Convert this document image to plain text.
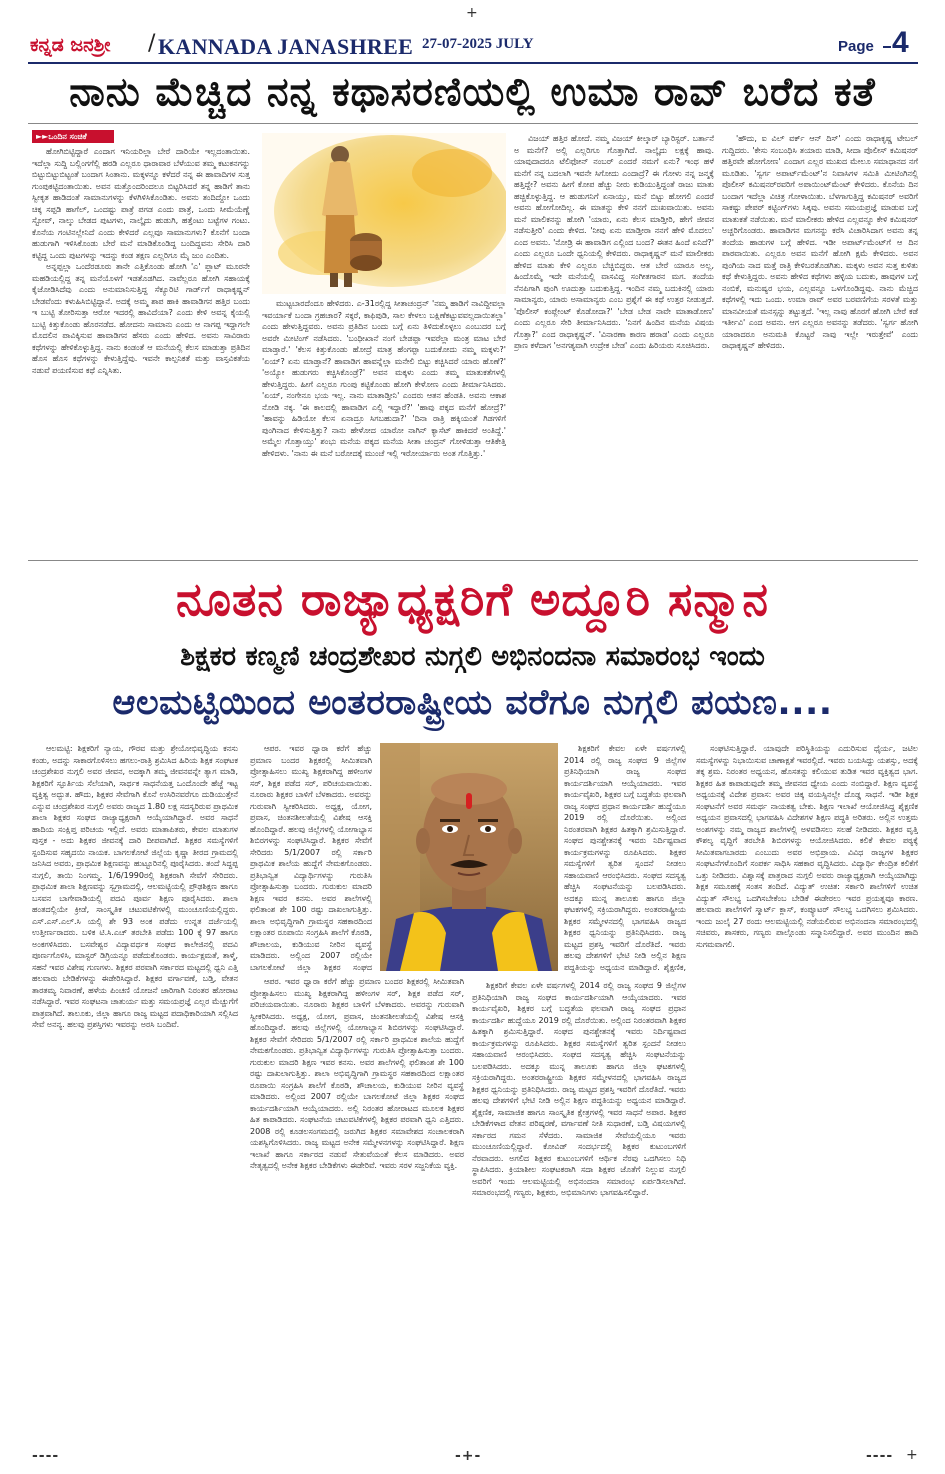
+
ಕನ್ನಡ ಜನಶ್ರೀ / KANNADA JANASHREE 27-07-2025 JULY	Page 4
ನಾನು ಮೆಚ್ಚಿದ ನನ್ನ ಕಥಾಸರಣಿಯಲ್ಲಿ ಉಮಾ ರಾವ್ ಬರೆದ ಕತೆ
►►ಒಂದಿನ ಸಂಚಿಕೆ

ಹೋಗಿಬಿಟ್ಟಿದ್ದಾರೆ ಎಂದಾಗ ಇನಿಯರಿಲ್ಲಾ ಬೇರೆ ದಾರಿಯೇ ಇಲ್ಲದಂತಾಯಿತು. ಇದೆಲ್ಲಾ ಸುದ್ದಿ ಬಲ್ಲಿಂಗಗೆಲ್ಲಿ ಹರಡಿ ಎಲ್ಲರೂ ಧಾರಾವಾರ ಬೆಳೆಯುವ ತಮ್ಮ ಕಟುಕನಗನ್ನು ಬಿಟ್ಟುಬಿಟ್ಟುಬಿಟ್ಟಂತೆ ಬಂದಾಗ ಸಿಂತಾನು. ಮಕ್ಕಳನ್ನೂ ಕಳೆದರೆ ನನ್ನ ಈ ಹಾವಾದಿಗಳ ಸುತ್ತ ಗುಂಪುಕಟ್ಟಿದಂತಾಯಿತು. ಅವನ ಮತ್ತೊಂದರಿಂದಲೂ ಬಿಟ್ಟರಿಸಿದರೆ ತನ್ನ ಹಾಡಿಗೆ ತಾನು ಸ್ವೀಕೃತ ಹಾಡಿದಂತೆ ಸಾಮಾನುಗಳನ್ನು ಕೆಳಗಿಳಿಸಿಕೊಂಡಿತು. ಅವನು ತಂದಿದ್ದೋ ಒಂದು ಚಿಕ್ಕ ಸಪ್ಪಡಿ ಹಾಗೆಲ್, ಒಂದಷ್ಟು ಪಾತ್ರೆ ಪಗಡ ಎಂದು ಪಾತ್ರೆ, ಒಂದು ಸೀಮೆಯೆಣ್ಣೆ ಸ್ಟೋವ್, ನಾಲ್ಕು ಬೇಡದ ಪುಟಗಳು, ನಾಲ್ಕೈದು ಹುಡುಗಿ, ಹತ್ತೆಂಟು ಬಟ್ಟೆಗಳ ಗಂಟು. ಕೊನೆಯ ಗಂಟಿನಲ್ಲೇನಿದೆ ಎಂದು ಕೇಳಿದರೆ ಎಲ್ಲವೂ ಸಾಮಾನುಗಳು? ಕೊನೆಗೆ ಬಂದಾ ಹುಡುಗಾಗಿ ಇಳಿಸಿಕೊಂಡು ಬೇರೆ ಮನೆ ಮಾಡಿಕೊಂಡಿದ್ದ ಬಂದಿದ್ದವನು ಸೇರಿಸಿ ದಾರಿ ಕಟ್ಟಿದ್ದ ಒಂದು ಪುಟಗಳನ್ನು ಇದನ್ನು ಕಂಡ ತಕ್ಷಣ ಎಲ್ಲರಿಗೂ ಮೈ ಜುಂ ಎಂದಿತು.

ಅನ್ನಪ್ಪಲ್ಲಾ ಒಂದೆರಡೂರು ತಾನೇ ಎತ್ತಿಕೊಂಡು ಹೋಗಿ 'ಎ' ಪ್ಲಾಟ್ ಮೂರನೇ ಮಹಡಿಯಲ್ಲಿದ್ದ ತನ್ನ ಮನೆಯೊಳಗೆ ಇಡತೊಡಗಿದ. ನಾವೆಲ್ಲರೂ ಹೋಗಿ ಸಹಾಯಕ್ಕೆ ಕೈಜೋಡಿಸಿದೆವು ಎಂದು ಅನುಮಾನಿಸುತ್ತಿದ್ದ ಸೆಕ್ಯೂರಿಟಿ ಗಾರ್ಡ್‌ಗೆ ರಾಧಾಕೃಷ್ಣನ್ ಬೇಡವೆಂದು ಕಳುಹಿಸಿಬಿಟ್ಟಿದ್ದಾನೆ. ಅದಕ್ಕೆ ಅಮ್ಮ ಶಾಪ ಹಾಕಿ ಹಾವಾಡಿಗನ ಹತ್ತಿರ ಬಂದು ಇ ಬುಟ್ಟಿ ತೋರಿಸುತ್ತಾ ಆರೋ ಇದರಲ್ಲಿ ಹಾವಿದೆಯಾ? ಎಂದು ಕೇಳಿ ಅವನ್ನ ಕೈಯಲ್ಲಿ ಬುಟ್ಟಿ ಕಿತ್ತುಕೊಂಡು ಹೊರನಡೆದ. ಹೋದನು ಸಾಮಾನು ಎಂದು ಆ ನಾಗಪ್ಪ ಇದ್ದಾಗಲೇ ಮೊದಲಿನ ಪಾವಿಕ್ಕಿಸುವ ಹಾವಾಡಿಗನ ಹೆಸರು ಎಂದು ಹೇಳಿದ. ಅವನು ಸಾವಿರಾರು ಕಥೆಗಳನ್ನು ಹೇಳಿಕೊಳ್ಳುತ್ತಿದ್ದ. ನಾನು ಕಂಡಂತೆ ಆ ಮನೆಯಲ್ಲಿ ಕೆಲಸ ಮಾಡುತ್ತಾ ಪ್ರತಿದಿನ ಹೊಸ ಹೊಸ ಕಥೆಗಳನ್ನು ಕೇಳುತ್ತಿದ್ದೆವು. ಇವನೇ ಕಾಲ್ಪನಿಕತೆ ಮತ್ತು ವಾಸ್ತವಿಕತೆಯ ನಡುವೆ ಪಯಣಿಸುವ ಕಥೆ ಎನ್ನಿಸಿತು.

ಮುಟ್ಟಬಾರದೆಂದೂ ಹೇಳಿದರು. ಎ-31ರಲ್ಲಿದ್ದ ಸೀತಾಚಂದ್ರನ್ 'ನಮ್ಮ ಹಾಡಿಗೆ ನಾವಿದ್ದೀವಲ್ಲಾ ಇವರ್ಯಾಕೆ ಬಂದಾ ಗ್ರಹಚಾರ? ಸಕ್ಕರೆ, ಕಾಫಿಪುಡಿ, ಸಾಲ ಕೇಳಲು ಬಕ್ಷಿಣೆಕಟ್ಟುವವಲ್ಲದಾಯಿತಲ್ಲಾ' ಎಂದು ಹೇಳುತ್ತಿದ್ದವರು. ಅವನು ಪ್ರತಿದಿನ ಬಂದು ಬಗ್ಗೆ ಏನು ತಿಳಿದುಕೊಳ್ಳಲು ಎಂಬುದರ ಬಗ್ಗೆ ಅವರೇ ಮೀಟಿಂಗ್ ನಡೆಸಿದರು. 'ಬಂಧೀಖಾನೆ ನಂಗೆ ಬೇಡಪ್ಪಾ ಇವರೆಲ್ಲಾ ಮಂತ್ರ ಮಾಟ ಬೇರೆ ಮಾಡ್ತಾರೆ.' 'ಕೆಲಸ ಕಿತ್ತುಕೊಂಡು ಹೋದ್ರೆ ಮಾತ್ರ ಹೆಂಗಪ್ಪಾ ಬದುಕೋದು ನಮ್ಮ ಮಕ್ಕಳು?' 'ಏಯ್? ಏನು ಮಾಡ್ತಾನೆ? ಹಾವಾಡಿಗ ಹಾವನ್ನೆಲ್ಲಾ ಮನೇಲಿ ಬಿಟ್ಟು ಕಚ್ಚಿಸಿದರೆ ಯಾರು ಹೊಣೆ?' 'ಅಯ್ಯೋ ಹುಡುಗರು ಕಚ್ಚಿಸಿಕೊಂಡ್ರೆ?' ಅವನ ಮಕ್ಕಳು ಎಂದು ತಮ್ಮ ಮಾತುಕತೆಗಳಲ್ಲಿ ಹೇಳುತ್ತಿದ್ದರು. ಹೀಗೆ ಎಲ್ಲರೂ ಗುಂಪು ಕಟ್ಟಿಕೊಂಡು ಹೋಗಿ ಕೇಳೋಣ ಎಂದು ತೀರ್ಮಾನಿಸಿದರು. 'ಏಯ್, ನಂಗೇನೂ ಭಯ ಇಲ್ಲ. ನಾನು ಮಾತಾಡ್ತೀನಿ' ಎಂದರು ಆತನ ಹೆಂಡತಿ. ಅವನು ಆಕಾಶ ನೋಡಿ ನಕ್ಕ. 'ಈ ಕಾಲದಲ್ಲಿ ಹಾವಾಡಿಗ ಎಲ್ಲಿ ಇದ್ದಾರೆ?' 'ಹಾವು ಪಕ್ಕದ ಮನೆಗೆ ಹೋದ್ರೆ?' 'ಹಾವನ್ನು ಹಿಡಿಯೋ ಕೆಲಸ ಏನಾದ್ರೂ ಸಿಗಬಹುದಾ?' 'ದಿನಾ ರಾತ್ರಿ ಹಕ್ಕಿಯಂತೆ ಗಿಡಗಳಿಗೆ ಪುಂಗಿನಾದ ಕೇಳಿಸುತ್ತಿತ್ತು? ನಾನು ಹೇಳೋದ ಯಾರೋ ನಾಗಿನ್ ಕ್ಯಾಸೆಟ್ ಹಾಕಿದರೆ ಅಂತಿದ್ದೆ.' ಅಮ್ಮೆಲ ಗೊತ್ತಾಯ್ತು' ಶಂಭು ಮನೆಯ ಪಕ್ಕದ ಮನೆಯ ಸೀತಾ ಚಂದ್ರನ್ ಗೋಳಿಡುತ್ತಾ ಆತಿಕೇತ್ತಿ ಹೇಳಿದಳು. 'ನಾನು ಈ ಮನೆ ಬರೋದಕ್ಕೆ ಮುಂಚೆ ಇಲ್ಲಿ ಇರೋರ್ಯಾರು ಅಂತ ಗೊತ್ತಿತ್ತು.'

ವಿಜಯ್ ಹತ್ತಿರ ಹೋದೆ. ನಮ್ಮ ವಿಜಯ್ ಕೀಲ್ಕಾರ್ ಬ್ಯಾರಿಸ್ಟರ್. ಬರ್ತಾನೆ ಅ ಮನೆಗೆ? ಅಲ್ಲಿ ಎಲ್ಲರಿಗೂ ಗೊತ್ತಾಗಿದೆ. ನಾಲ್ಕೈದು ಲಕ್ಷಕ್ಕೆ ಹಾವು. ಯಾವುದಾದರೂ ಟೆಲಿಫೋನ್ ನಂಬರ್ ಎಂದರೆ ನಮಗೆ ಏನು? ಇಂಥ ಹಳೆ ಮನೆಗೆ ನನ್ನ ಬದಲಾಗಿ ಇವನೇ ಸಿಗೋದು ಎಂದಾದ್ರೆ? ಈ ಗೋಳು ನನ್ನ ಜನ್ಮಕ್ಕೆ ಹತ್ತಿದ್ದೇ? ಅವನು ಹೀಗೆ ಕೋಪ ಹೆಚ್ಚು ನೀರು ಕುಡಿಯುತ್ತಿದ್ದಂತೆ ರಾಜು ಮಾತು ಹಚ್ಚಿಕೊಳ್ಳುತ್ತಿದ್ದ. ಆ ಹುಡುಗನಿಗೆ ಏನಾಯ್ತು, ಮನೆ ಬಿಟ್ಟು ಹೋಗಲಿ ಎಂದರೆ ಅವನು ಹೋಗೋದಿಲ್ಲ. ಈ ಮಾತನ್ನು ಕೇಳಿ ನನಗೆ ದುಃಖವಾಯಿತು. ಅವನು ಮನೆ ಮಾಲಿಕನನ್ನು ಹೋಗಿ 'ಯಾರು, ಏನು ಕೆಲಸ ಮಾಡ್ತೀರಿ, ಹೇಗೆ ಜೀವನ ನಡೆಸುತ್ತೀರಿ' ಎಂದು ಕೇಳಿದ. 'ನೀವು ಏನು ಮಾಡ್ತೀರಾ ನನಗೆ ಹೇಳಿ ಮೊದಲು' ಎಂದ ಅವನು. 'ನೋಡ್ರಿ ಈ ಹಾವಾಡಿಗ ಎಲ್ಲಿಂದ ಬಂದ? ಈತನ ಹಿಂದೆ ಏನಿದೆ?' ಎಂದು ಎಲ್ಲರೂ ಒಂದೇ ಧ್ವನಿಯಲ್ಲಿ ಕೇಳಿದರು. ರಾಧಾಕೃಷ್ಣನ್ ಮನೆ ಮಾಲೀಕರು ಹೇಳಿದ ಮಾತು ಕೇಳಿ ಎಲ್ಲರೂ ಬೆಚ್ಚಿಬಿದ್ದರು. ಆತ ಬೇರೆ ಯಾರೂ ಅಲ್ಲ, ಹಿಂದೊಮ್ಮೆ ಇದೇ ಮನೆಯಲ್ಲಿ ವಾಸವಿದ್ದ ಸಂಗೀತಗಾರನ ಮಗ. ತಂದೆಯ ನೆನಪಿಗಾಗಿ ಪುಂಗಿ ಊದುತ್ತಾ ಬದುಕುತ್ತಿದ್ದ. ಇಂದಿನ ನಮ್ಮ ಬದುಕಿನಲ್ಲಿ ಯಾರು ಸಾಮಾನ್ಯರು, ಯಾರು ಅಸಾಮಾನ್ಯರು ಎಂಬ ಪ್ರಶ್ನೆಗೆ ಈ ಕಥೆ ಉತ್ತರ ನೀಡುತ್ತದೆ. 'ಪೊಲೀಸ್ ಕಂಪ್ಲೇಂಟ್ ಕೊಡೋದಾ?' 'ಬೇಡ ಬೇಡ ನಾವೇ ಮಾತಾಡೋಣ' ಎಂದು ಎಲ್ಲರೂ ಸೇರಿ ತೀರ್ಮಾನಿಸಿದರು. 'ನಿನಗೆ ಹಿಂದಿನ ಮನೆಯ ವಿಷಯ ಗೊತ್ತಾ?' ಎಂದ ರಾಧಾಕೃಷ್ಣನ್. 'ವಿನಾರಣಾ ಕಾರಣ ಹರಾಡ' ಎಂದು ಎಲ್ಲರೂ ಪ್ರಾಣ ಕಳೆದಾಗ 'ಅನಗತ್ಯವಾಗಿ ಉದ್ರೇಕ ಬೇಡ' ಎಂದು ಹಿರಿಯರು ಸೂಚಿಸಿದರು.

'ಹೌದು, ಐ ವಿಲ್ ವರ್ಕ್ ಆನ್ ದಿಸ್' ಎಂದು ರಾಧಾಕೃಷ್ಣ ಟೇಬಲ್ ಗುದ್ದಿದರು. 'ಕೇಸು ಸಂಬಂಧಿಸಿ ತಯಾರು ಮಾಡಿ, ಸೀದಾ ಪೊಲೀಸ್ ಕಮಿಷನರ್ ಹತ್ತಿರವೇ ಹೋಗೋಣ' ಎಂದಾಗ ಎಲ್ಲರ ಮುಖದ ಮೇಲೂ ಸಮಾಧಾನದ ನಗೆ ಮೂಡಿತು. 'ಸ್ವರ್ಗ ಅಪಾರ್ಟ್‌ಮೆಂಟ್'ನ ನಿವಾಸಿಗಳ ಸಮಿತಿ ಮೀಟಿಂಗಿನಲ್ಲಿ ಪೊಲೀಸ್ ಕಮಿಷನರ್‌ರವರಿಗೆ ಅಪಾಯಿಂಟ್‌ಮೆಂಟ್ ಕೇಳಿದರು. ಕೊನೆಯ ದಿನ ಬಂದಾಗ ಇದೆಲ್ಲಾ ವಿಚಿತ್ರ ಗೋಳಾಯಿತು. ಬೆಳಗಾಗುತ್ತಿದ್ದ ಕಮಿಷನರ್ ಅವರಿಗೆ ಸಾಕಷ್ಟು ಪೇಪರ್ ಕಟ್ಟಿಂಗ್‌ಗಳು ಸಿಕ್ಕವು. ಅವನು ಸಮಯಪ್ರಜ್ಞೆ ಮಾಡುವ ಬಗ್ಗೆ ಮಾತುಕತೆ ನಡೆಯಿತು. ಮನೆ ಮಾಲೀಕರು ಹೇಳಿದ ಎಲ್ಲವನ್ನೂ ಕೇಳಿ ಕಮಿಷನರ್ ಅಚ್ಚರಿಗೊಂಡರು. ಹಾವಾಡಿಗನ ಮಗನನ್ನು ಕರೆಸಿ ವಿಚಾರಿಸಿದಾಗ ಅವನು ತನ್ನ ತಂದೆಯ ಹಾಡುಗಳ ಬಗ್ಗೆ ಹೇಳಿದ. ಇಡೀ ಅಪಾರ್ಟ್‌ಮೆಂಟ್‌ಗೆ ಆ ದಿನ ಪಾಠವಾಯಿತು. ಎಲ್ಲರೂ ಅವನ ಮನೆಗೆ ಹೋಗಿ ಕ್ಷಮೆ ಕೇಳಿದರು. ಅವನ ಪುಂಗಿಯ ನಾದ ಮತ್ತೆ ರಾತ್ರಿ ಕೇಳಿಬರತೊಡಗಿತು. ಮಕ್ಕಳು ಅವನ ಸುತ್ತ ಕುಳಿತು ಕಥೆ ಕೇಳುತ್ತಿದ್ದರು. ಅವನು ಹೇಳಿದ ಕಥೆಗಳು ಹಳ್ಳಿಯ ಬದುಕು, ಹಾವುಗಳ ಬಗ್ಗೆ ನಂಬಿಕೆ, ಮನುಷ್ಯರ ಭಯ, ಎಲ್ಲವನ್ನೂ ಒಳಗೊಂಡಿದ್ದವು. ನಾನು ಮೆಚ್ಚಿದ ಕಥೆಗಳಲ್ಲಿ ಇದು ಒಂದು. ಉಮಾ ರಾವ್ ಅವರ ಬರವಣಿಗೆಯ ಸರಳತೆ ಮತ್ತು ಮಾನವೀಯತೆ ಮನಸ್ಸನ್ನು ತಟ್ಟುತ್ತದೆ. 'ಇಲ್ಲ ನಾವು ಹೊರಗೆ ಹೋಗಿ ಬೇರೆ ಕಡೆ ಇರ್ತೀವಿ' ಎಂದ ಅವನು. ಆಗ ಎಲ್ಲರೂ ಅವನನ್ನು ತಡೆದರು. 'ಸ್ವರ್ಗ ಹೋಗಿ ಯಾರಾದರೂ ಅನುಮತಿ ಕೊಟ್ಟರೆ ನಾವು ಇಲ್ಲೇ ಇರುತ್ತೇವೆ' ಎಂದು ರಾಧಾಕೃಷ್ಣನ್ ಹೇಳಿದರು.

ನೂತನ ರಾಜ್ಯಾಧ್ಯಕ್ಷರಿಗೆ ಅದ್ದೂರಿ ಸನ್ಮಾನ
ಶಿಕ್ಷಕರ ಕಣ್ಮಣಿ ಚಂದ್ರಶೇಖರ ನುಗ್ಗಲಿ ಅಭಿನಂದನಾ ಸಮಾರಂಭ ಇಂದು
ಆಲಮಟ್ಟಿಯಿಂದ ಅಂತರರಾಷ್ಟ್ರೀಯ ವರೆಗೂ ನುಗ್ಗಲಿ ಪಯಣ....

ಆಲಮಟ್ಟಿ: ಶಿಕ್ಷಕರಿಗೆ ನ್ಯಾಯ, ಗೌರವ ಮತ್ತು ಶ್ರೇಯೋಭಿವೃದ್ಧಿಯ ಕನಸು ಕಂಡು, ಅದನ್ನು ಸಾಕಾರಗೊಳಿಸಲು ಹಗಲು-ರಾತ್ರಿ ಶ್ರಮಿಸಿದ ಹಿರಿಯ ಶಿಕ್ಷಕ ಸಂಘಟಕ ಚಂದ್ರಶೇಖರ ನುಗ್ಗಲಿ ಅವರ ಜೀವನ, ಅದಕ್ಕಾಗಿ ತಮ್ಮ ಜೀವನವನ್ನೇ ತ್ಯಾಗ ಮಾಡಿ, ಶಿಕ್ಷಕರಿಗೆ ಸ್ಫೂರ್ತಿಯ ಸೆಲೆಯಾಗಿ, ಸಾರ್ಥಕ ಸಾಧನೆಯತ್ತ ಒಂದೊಂದೇ ಹೆಜ್ಜೆ ಇಟ್ಟ ವ್ಯಕ್ತಿತ್ವ ಅದ್ಭುತ. ಹೌದು, ಶಿಕ್ಷಕರ ಸೇವೆಗಾಗಿ ಕೊನೆ ಉಸಿರಿನವರೆಗೂ ದುಡಿಯುತ್ತೇನೆ ಎನ್ನುವ ಚಂದ್ರಶೇಖರ ನುಗ್ಗಲಿ ಅವರು ರಾಜ್ಯದ 1.80 ಲಕ್ಷ ಸದಸ್ಯರಿರುವ ಪ್ರಾಥಮಿಕ ಶಾಲಾ ಶಿಕ್ಷಕರ ಸಂಘದ ರಾಜ್ಯಾಧ್ಯಕ್ಷರಾಗಿ ಆಯ್ಕೆಯಾಗಿದ್ದಾರೆ. ಅವರ ಸಾಧನೆ ಹಾದಿಯ ಸಂಕ್ಷಿಪ್ತ ಪರಿಚಯ ಇಲ್ಲಿದೆ. ಅವರು ಮಾತಾಪಿತರು, ಕೇವಲ ಮಾತುಗಳ ಪುಸ್ತಕ - ಅದು ಶಿಕ್ಷಕರ ಜೀವನಕ್ಕೆ ದಾರಿ ದೀಪವಾಗಿದೆ. ಶಿಕ್ಷಕರ ಸಮಸ್ಯೆಗಳಿಗೆ ಸ್ಪಂದಿಸುವ ಸಹೃದಯಿ ನಾಯಕ. ಬಾಗಲಕೋಟೆ ಜಿಲ್ಲೆಯ ಕೃಷ್ಣಾ ತೀರದ ಗ್ರಾಮದಲ್ಲಿ ಜನಿಸಿದ ಅವರು, ಪ್ರಾಥಮಿಕ ಶಿಕ್ಷಣವನ್ನು ಹುಟ್ಟೂರಿನಲ್ಲಿ ಪೂರೈಸಿದರು. ತಂದೆ ಸಿದ್ದಪ್ಪ ನುಗ್ಗಲಿ, ತಾಯಿ ನಿಂಗಮ್ಮ. 1/6/1990ರಲ್ಲಿ ಶಿಕ್ಷಕರಾಗಿ ಸೇವೆಗೆ ಸೇರಿದರು. ಪ್ರಾಥಮಿಕ ಶಾಲಾ ಶಿಕ್ಷಣವನ್ನು ಸ್ವಗ್ರಾಮದಲ್ಲಿ, ಆಲಮಟ್ಟಿಯಲ್ಲಿ ಪ್ರೌಢಶಿಕ್ಷಣ ಹಾಗೂ ಬಸವನ ಬಾಗೇವಾಡಿಯಲ್ಲಿ ಪದವಿ ಪೂರ್ವ ಶಿಕ್ಷಣ ಪೂರೈಸಿದರು. ಶಾಲಾ ಹಂತದಲ್ಲಿಯೇ ಕ್ರೀಡೆ, ಸಾಂಸ್ಕೃತಿಕ ಚಟುವಟಿಕೆಗಳಲ್ಲಿ ಮುಂಚೂಣಿಯಲ್ಲಿದ್ದರು. ಎಸ್.ಎಸ್.ಎಲ್.ಸಿ ಯಲ್ಲಿ ಶೇ 93 ಅಂಕ ಪಡೆದು ಉನ್ನತ ದರ್ಜೆಯಲ್ಲಿ ಉತ್ತೀರ್ಣರಾದರು. ಬಳಿಕ ಟಿ.ಸಿ.ಎಚ್ ತರಬೇತಿ ಪಡೆದು 100 ಕ್ಕೆ 97 ಹಾಗೂ ಅಂಕಗಳಿಸಿದರು. ಬಸವೇಶ್ವರ ವಿದ್ಯಾವರ್ಧಕ ಸಂಘದ ಕಾಲೇಜಿನಲ್ಲಿ ಪದವಿ ಪೂರ್ಣಗೊಳಿಸಿ, ಮಾಸ್ಟರ್ ಡಿಗ್ರಿಯನ್ನೂ ಪಡೆದುಕೊಂಡರು. ಕಾರ್ಯಕ್ಷಮತೆ, ತಾಳ್ಮೆ, ಸಹನೆ ಇವರ ವಿಶೇಷ ಗುಣಗಳು. ಶಿಕ್ಷಕರ ಪರವಾಗಿ ಸರ್ಕಾರದ ಮಟ್ಟದಲ್ಲಿ ಧ್ವನಿ ಎತ್ತಿ ಹಲವಾರು ಬೇಡಿಕೆಗಳನ್ನು ಈಡೇರಿಸಿದ್ದಾರೆ. ಶಿಕ್ಷಕರ ವರ್ಗಾವಣೆ, ಬಡ್ತಿ, ವೇತನ ತಾರತಮ್ಯ ನಿವಾರಣೆ, ಹಳೆಯ ಪಿಂಚಣಿ ಯೋಜನೆ ಜಾರಿಗಾಗಿ ನಿರಂತರ ಹೋರಾಟ ನಡೆಸಿದ್ದಾರೆ. ಇವರ ಸಂಘಟನಾ ಚಾತುರ್ಯ ಮತ್ತು ಸಮಯಪ್ರಜ್ಞೆ ಎಲ್ಲರ ಮೆಚ್ಚುಗೆಗೆ ಪಾತ್ರವಾಗಿದೆ. ತಾಲೂಕು, ಜಿಲ್ಲಾ ಹಾಗೂ ರಾಜ್ಯ ಮಟ್ಟದ ಪದಾಧಿಕಾರಿಯಾಗಿ ಸಲ್ಲಿಸಿದ ಸೇವೆ ಅನನ್ಯ. ಹಲವು ಪ್ರಶಸ್ತಿಗಳು ಇವರನ್ನು ಅರಸಿ ಬಂದಿವೆ.

ಆಪರ. ಇವರ ಧ್ವಾರಾ ಕರೆಗೆ ಹೆಚ್ಚು ಪ್ರಮಾಣ ಬಂದರ ಶಿಕ್ಷಕರಲ್ಲಿ ಸೀಮಿತವಾಗಿ ಪ್ರೋತ್ಸಾಹಿಸಲು ಮುಖ್ಯ ಶಿಕ್ಷಕರಾಗಿದ್ದ ಹಳೀಂಗಳ ಸರ್, ಶಿಕ್ಷಕ ಪಡೆದ ಸರ್, ಪರಿಚಯವಾಯಿತು. ನೂರಾರು ಶಿಕ್ಷಕರ ಬಾಳಿಗೆ ಬೆಳಕಾದರು. ಅವರನ್ನು ಗುರುವಾಗಿ ಸ್ವೀಕರಿಸಿದರು. ಅಧ್ಯಕ್ಷ, ಯೋಗ, ಪ್ರವಾಸ, ಚಿಂತನಶೀಲತೆಯಲ್ಲಿ ವಿಶೇಷ ಆಸಕ್ತಿ ಹೊಂದಿದ್ದಾರೆ. ಹಲವು ಜಿಲ್ಲೆಗಳಲ್ಲಿ ಯೋಗಾಭ್ಯಾಸ ಶಿಬಿರಗಳನ್ನು ಸಂಘಟಿಸಿದ್ದಾರೆ. ಶಿಕ್ಷಕರ ಸೇವೆಗೆ ಸೇರಿದರು 5/1/2007 ರಲ್ಲಿ ಸರ್ಕಾರಿ ಪ್ರಾಥಮಿಕ ಶಾಲೆಯ ಹುದ್ದೆಗೆ ನೇಮಕಗೊಂಡರು. ಪ್ರತಿಭಾನ್ವಿತ ವಿದ್ಯಾರ್ಥಿಗಳನ್ನು ಗುರುತಿಸಿ ಪ್ರೋತ್ಸಾಹಿಸುತ್ತಾ ಬಂದರು. ಗುರುಕುಲ ಮಾದರಿ ಶಿಕ್ಷಣ ಇವರ ಕನಸು. ಅವರ ಶಾಲೆಗಳಲ್ಲಿ ಫಲಿತಾಂಶ ಶೇ 100 ರಷ್ಟು ದಾಖಲಾಗುತ್ತಿತ್ತು. ಶಾಲಾ ಅಭಿವೃದ್ಧಿಗಾಗಿ ಗ್ರಾಮಸ್ಥರ ಸಹಕಾರದಿಂದ ಲಕ್ಷಾಂತರ ರೂಪಾಯಿ ಸಂಗ್ರಹಿಸಿ ಶಾಲೆಗೆ ಕೊಠಡಿ, ಶೌಚಾಲಯ, ಕುಡಿಯುವ ನೀರಿನ ವ್ಯವಸ್ಥೆ ಮಾಡಿದರು. ಅಲ್ಲಿಂದ 2007 ರಲ್ಲಿಯೇ ಬಾಗಲಕೋಟೆ ಜಿಲ್ಲಾ ಶಿಕ್ಷಕರ ಸಂಘದ

ಆಪರ. ಇವರ ಧ್ವಾರಾ ಕರೆಗೆ ಹೆಚ್ಚು ಪ್ರಮಾಣ ಬಂದರ ಶಿಕ್ಷಕರಲ್ಲಿ ಸೀಮಿತವಾಗಿ ಪ್ರೋತ್ಸಾಹಿಸಲು ಮುಖ್ಯ ಶಿಕ್ಷಕರಾಗಿದ್ದ ಹಳೀಂಗಳ ಸರ್, ಶಿಕ್ಷಕ ಪಡೆದ ಸರ್, ಪರಿಚಯವಾಯಿತು. ನೂರಾರು ಶಿಕ್ಷಕರ ಬಾಳಿಗೆ ಬೆಳಕಾದರು. ಅವರನ್ನು ಗುರುವಾಗಿ ಸ್ವೀಕರಿಸಿದರು. ಅಧ್ಯಕ್ಷ, ಯೋಗ, ಪ್ರವಾಸ, ಚಿಂತನಶೀಲತೆಯಲ್ಲಿ ವಿಶೇಷ ಆಸಕ್ತಿ ಹೊಂದಿದ್ದಾರೆ. ಹಲವು ಜಿಲ್ಲೆಗಳಲ್ಲಿ ಯೋಗಾಭ್ಯಾಸ ಶಿಬಿರಗಳನ್ನು ಸಂಘಟಿಸಿದ್ದಾರೆ. ಶಿಕ್ಷಕರ ಸೇವೆಗೆ ಸೇರಿದರು 5/1/2007 ರಲ್ಲಿ ಸರ್ಕಾರಿ ಪ್ರಾಥಮಿಕ ಶಾಲೆಯ ಹುದ್ದೆಗೆ ನೇಮಕಗೊಂಡರು. ಪ್ರತಿಭಾನ್ವಿತ ವಿದ್ಯಾರ್ಥಿಗಳನ್ನು ಗುರುತಿಸಿ ಪ್ರೋತ್ಸಾಹಿಸುತ್ತಾ ಬಂದರು. ಗುರುಕುಲ ಮಾದರಿ ಶಿಕ್ಷಣ ಇವರ ಕನಸು. ಅವರ ಶಾಲೆಗಳಲ್ಲಿ ಫಲಿತಾಂಶ ಶೇ 100 ರಷ್ಟು ದಾಖಲಾಗುತ್ತಿತ್ತು. ಶಾಲಾ ಅಭಿವೃದ್ಧಿಗಾಗಿ ಗ್ರಾಮಸ್ಥರ ಸಹಕಾರದಿಂದ ಲಕ್ಷಾಂತರ ರೂಪಾಯಿ ಸಂಗ್ರಹಿಸಿ ಶಾಲೆಗೆ ಕೊಠಡಿ, ಶೌಚಾಲಯ, ಕುಡಿಯುವ ನೀರಿನ ವ್ಯವಸ್ಥೆ ಮಾಡಿದರು. ಅಲ್ಲಿಂದ 2007 ರಲ್ಲಿಯೇ ಬಾಗಲಕೋಟೆ ಜಿಲ್ಲಾ ಶಿಕ್ಷಕರ ಸಂಘದ ಕಾರ್ಯದರ್ಶಿಯಾಗಿ ಆಯ್ಕೆಯಾದರು. ಅಲ್ಲಿ ನಿರಂತರ ಹೋರಾಟದ ಮೂಲಕ ಶಿಕ್ಷಕರ ಹಿತ ಕಾಪಾಡಿದರು. ಸಂಘಟನೆಯ ಚಟುವಟಿಕೆಗಳಲ್ಲಿ ಶಿಕ್ಷಕರ ಪರವಾಗಿ ಧ್ವನಿ ಎತ್ತಿದರು. 2008 ರಲ್ಲಿ ಕೂಡಲಸಂಗಮದಲ್ಲಿ ಜರುಗಿದ ಶಿಕ್ಷಕರ ಸಮಾವೇಶದ ಸಂಚಾಲಕರಾಗಿ ಯಶಸ್ವಿಗೊಳಿಸಿದರು. ರಾಜ್ಯ ಮಟ್ಟದ ಅನೇಕ ಸಮ್ಮೇಳನಗಳನ್ನು ಸಂಘಟಿಸಿದ್ದಾರೆ. ಶಿಕ್ಷಣ ಇಲಾಖೆ ಹಾಗೂ ಸರ್ಕಾರದ ನಡುವೆ ಸೇತುವೆಯಂತೆ ಕೆಲಸ ಮಾಡಿದರು. ಅವರ ನೇತೃತ್ವದಲ್ಲಿ ಅನೇಕ ಶಿಕ್ಷಕರ ಬೇಡಿಕೆಗಳು ಈಡೇರಿವೆ. ಇವರು ಸರಳ ಸಜ್ಜನಿಕೆಯ ವ್ಯಕ್ತಿ.

ಶಿಕ್ಷಕರಿಗೆ ಕೇವಲ ಏಳೇ ವರ್ಷಗಳಲ್ಲಿ 2014 ರಲ್ಲಿ ರಾಜ್ಯ ಸಂಘದ 9 ಜಿಲ್ಲೆಗಳ ಪ್ರತಿನಿಧಿಯಾಗಿ ರಾಜ್ಯ ಸಂಘದ ಕಾರ್ಯದರ್ಶಿಯಾಗಿ ಆಯ್ಕೆಯಾದರು. ಇವರ ಕಾರ್ಯವೈಖರಿ, ಶಿಕ್ಷಕರ ಬಗ್ಗೆ ಬದ್ಧತೆಯ ಫಲವಾಗಿ ರಾಜ್ಯ ಸಂಘದ ಪ್ರಧಾನ ಕಾರ್ಯದರ್ಶಿ ಹುದ್ದೆಯೂ 2019 ರಲ್ಲಿ ದೊರೆಯಿತು. ಅಲ್ಲಿಂದ ನಿರಂತರವಾಗಿ ಶಿಕ್ಷಕರ ಹಿತಕ್ಕಾಗಿ ಶ್ರಮಿಸುತ್ತಿದ್ದಾರೆ. ಸಂಘದ ಪುನಶ್ಚೇತನಕ್ಕೆ ಇವರು ನಿರ್ದಿಷ್ಟವಾದ ಕಾರ್ಯಕ್ರಮಗಳನ್ನು ರೂಪಿಸಿದರು. ಶಿಕ್ಷಕರ ಸಮಸ್ಯೆಗಳಿಗೆ ತ್ವರಿತ ಸ್ಪಂದನೆ ನೀಡಲು ಸಹಾಯವಾಣಿ ಆರಂಭಿಸಿದರು. ಸಂಘದ ಸದಸ್ಯತ್ವ ಹೆಚ್ಚಿಸಿ ಸಂಘಟನೆಯನ್ನು ಬಲಪಡಿಸಿದರು. ಅದಕ್ಕೂ ಮುನ್ನ ತಾಲೂಕು ಹಾಗೂ ಜಿಲ್ಲಾ ಘಟಕಗಳಲ್ಲಿ ಸಕ್ರಿಯರಾಗಿದ್ದರು. ಅಂತರರಾಷ್ಟ್ರೀಯ ಶಿಕ್ಷಕರ ಸಮ್ಮೇಳನದಲ್ಲಿ ಭಾಗವಹಿಸಿ ರಾಜ್ಯದ ಶಿಕ್ಷಕರ ಧ್ವನಿಯನ್ನು ಪ್ರತಿನಿಧಿಸಿದರು. ರಾಜ್ಯ ಮಟ್ಟದ ಪ್ರಶಸ್ತಿ ಇವರಿಗೆ ದೊರೆತಿದೆ. ಇವರು ಹಲವು ದೇಶಗಳಿಗೆ ಭೇಟಿ ನೀಡಿ ಅಲ್ಲಿನ ಶಿಕ್ಷಣ ಪದ್ಧತಿಯನ್ನು ಅಧ್ಯಯನ ಮಾಡಿದ್ದಾರೆ. ಶೈಕ್ಷಣಿಕ, ಸಾಮಾಜಿಕ ಹಾಗೂ ಸಾಂಸ್ಕೃತಿಕ ಕ್ಷೇತ್ರಗಳಲ್ಲಿ ಇವರ ಸಾಧನೆ ಅಪಾರ. ಶಿಕ್ಷಕರ ಬೇಡಿಕೆಗಳಾದ ವೇತನ ಪರಿಷ್ಕರಣೆ, ವರ್ಗಾವಣೆ ನೀತಿ ಸುಧಾರಣೆ, ಬಡ್ತಿ ವಿಷಯಗಳಲ್ಲಿ ಸರ್ಕಾರದ ಗಮನ ಸೆಳೆದರು. ಸಾಮಾಜಿಕ ಸೇವೆಯಲ್ಲಿಯೂ ಇವರು ಮುಂಚೂಣಿಯಲ್ಲಿದ್ದಾರೆ. ಕೋವಿಡ್ ಸಂದರ್ಭದಲ್ಲಿ ಶಿಕ್ಷಕರ ಕುಟುಂಬಗಳಿಗೆ ನೆರವಾದರು. ಅಗಲಿದ ಶಿಕ್ಷಕರ ಕುಟುಂಬಗಳಿಗೆ ಆರ್ಥಿಕ ನೆರವು ಒದಗಿಸಲು ನಿಧಿ ಸ್ಥಾಪಿಸಿದರು. ಕ್ರಿಯಾಶೀಲ ಸಂಘಟಕರಾಗಿ ಸದಾ ಶಿಕ್ಷಕರ ಜೊತೆಗೆ ನಿಲ್ಲುವ ನುಗ್ಗಲಿ ಅವರಿಗೆ ಇಂದು ಆಲಮಟ್ಟಿಯಲ್ಲಿ ಅಭಿನಂದನಾ ಸಮಾರಂಭ ಏರ್ಪಡಿಸಲಾಗಿದೆ. ಸಮಾರಂಭದಲ್ಲಿ ಗಣ್ಯರು, ಶಿಕ್ಷಕರು, ಅಭಿಮಾನಿಗಳು ಭಾಗವಹಿಸಲಿದ್ದಾರೆ.

ಶಿಕ್ಷಕರಿಗೆ ಕೇವಲ ಏಳೇ ವರ್ಷಗಳಲ್ಲಿ 2014 ರಲ್ಲಿ ರಾಜ್ಯ ಸಂಘದ 9 ಜಿಲ್ಲೆಗಳ ಪ್ರತಿನಿಧಿಯಾಗಿ ರಾಜ್ಯ ಸಂಘದ ಕಾರ್ಯದರ್ಶಿಯಾಗಿ ಆಯ್ಕೆಯಾದರು. ಇವರ ಕಾರ್ಯವೈಖರಿ, ಶಿಕ್ಷಕರ ಬಗ್ಗೆ ಬದ್ಧತೆಯ ಫಲವಾಗಿ ರಾಜ್ಯ ಸಂಘದ ಪ್ರಧಾನ ಕಾರ್ಯದರ್ಶಿ ಹುದ್ದೆಯೂ 2019 ರಲ್ಲಿ ದೊರೆಯಿತು. ಅಲ್ಲಿಂದ ನಿರಂತರವಾಗಿ ಶಿಕ್ಷಕರ ಹಿತಕ್ಕಾಗಿ ಶ್ರಮಿಸುತ್ತಿದ್ದಾರೆ. ಸಂಘದ ಪುನಶ್ಚೇತನಕ್ಕೆ ಇವರು ನಿರ್ದಿಷ್ಟವಾದ ಕಾರ್ಯಕ್ರಮಗಳನ್ನು ರೂಪಿಸಿದರು. ಶಿಕ್ಷಕರ ಸಮಸ್ಯೆಗಳಿಗೆ ತ್ವರಿತ ಸ್ಪಂದನೆ ನೀಡಲು ಸಹಾಯವಾಣಿ ಆರಂಭಿಸಿದರು. ಸಂಘದ ಸದಸ್ಯತ್ವ ಹೆಚ್ಚಿಸಿ ಸಂಘಟನೆಯನ್ನು ಬಲಪಡಿಸಿದರು. ಅದಕ್ಕೂ ಮುನ್ನ ತಾಲೂಕು ಹಾಗೂ ಜಿಲ್ಲಾ ಘಟಕಗಳಲ್ಲಿ ಸಕ್ರಿಯರಾಗಿದ್ದರು. ಅಂತರರಾಷ್ಟ್ರೀಯ ಶಿಕ್ಷಕರ ಸಮ್ಮೇಳನದಲ್ಲಿ ಭಾಗವಹಿಸಿ ರಾಜ್ಯದ ಶಿಕ್ಷಕರ ಧ್ವನಿಯನ್ನು ಪ್ರತಿನಿಧಿಸಿದರು. ರಾಜ್ಯ ಮಟ್ಟದ ಪ್ರಶಸ್ತಿ ಇವರಿಗೆ ದೊರೆತಿದೆ. ಇವರು ಹಲವು ದೇಶಗಳಿಗೆ ಭೇಟಿ ನೀಡಿ ಅಲ್ಲಿನ ಶಿಕ್ಷಣ ಪದ್ಧತಿಯನ್ನು ಅಧ್ಯಯನ ಮಾಡಿದ್ದಾರೆ. ಶೈಕ್ಷಣಿಕ,

ಸಂಘಟಿಸುತ್ತಿದ್ದಾರೆ. ಯಾವುದೇ ಪರಿಸ್ಥಿತಿಯನ್ನು ಎದುರಿಸುವ ಧೈರ್ಯ, ಜಟಿಲ ಸಮಸ್ಯೆಗಳನ್ನು ನಿಭಾಯಿಸುವ ಚಾಣಾಕ್ಷತೆ ಇವರಲ್ಲಿದೆ. ಇವರು ಬಯಸಿದ್ದು ಯಶಸ್ಸು, ಅದಕ್ಕೆ ತಕ್ಕ ಶ್ರಮ. ನಿರಂತರ ಅಧ್ಯಯನ, ಹೊಸತನ್ನು ಕಲಿಯುವ ತುಡಿತ ಇವರ ವ್ಯಕ್ತಿತ್ವದ ಭಾಗ. ಶಿಕ್ಷಕರ ಹಿತ ಕಾಪಾಡುವುದೇ ತಮ್ಮ ಜೀವನದ ಧ್ಯೇಯ ಎಂದು ನಂಬಿದ್ದಾರೆ. ಶಿಕ್ಷಣ ವ್ಯವಸ್ಥೆ ಅಧ್ಯಯನಕ್ಕೆ ವಿದೇಶ ಪ್ರವಾಸ: ಅವರ ಚಿಕ್ಕ ವಯಸ್ಸಿನಲ್ಲೇ ದೊಡ್ಡ ಸಾಧನೆ. ಇಡೀ ಶಿಕ್ಷಕ ಸಂಘಟನೆಗೆ ಅವರ ಸಮರ್ಥ ನಾಯಕತ್ವ ಬೇಕು. ಶಿಕ್ಷಣ ಇಲಾಖೆ ಆಯೋಜಿಸಿದ್ದ ಶೈಕ್ಷಣಿಕ ಅಧ್ಯಯನ ಪ್ರವಾಸದಲ್ಲಿ ಭಾಗವಹಿಸಿ ವಿದೇಶಗಳ ಶಿಕ್ಷಣ ಪದ್ಧತಿ ಅರಿತರು. ಅಲ್ಲಿನ ಉತ್ತಮ ಅಂಶಗಳನ್ನು ನಮ್ಮ ರಾಜ್ಯದ ಶಾಲೆಗಳಲ್ಲಿ ಅಳವಡಿಸಲು ಸಲಹೆ ನೀಡಿದರು. ಶಿಕ್ಷಕರ ವೃತ್ತಿ ಕೌಶಲ್ಯ ವೃದ್ಧಿಗೆ ತರಬೇತಿ ಶಿಬಿರಗಳನ್ನು ಆಯೋಜಿಸಿದರು. ಕಲಿಕೆ ಕೇವಲ ಪಠ್ಯಕ್ಕೆ ಸೀಮಿತವಾಗಬಾರದು ಎಂಬುದು ಅವರ ಅಭಿಪ್ರಾಯ. ವಿವಿಧ ರಾಜ್ಯಗಳ ಶಿಕ್ಷಕರ ಸಂಘಟನೆಗಳೊಂದಿಗೆ ಸಂಪರ್ಕ ಸಾಧಿಸಿ ಸಹಕಾರ ವೃದ್ಧಿಸಿದರು. ವಿದ್ಯಾರ್ಥಿ ಕೇಂದ್ರಿತ ಕಲಿಕೆಗೆ ಒತ್ತು ನೀಡಿದರು. ವಿಶ್ವಾಸಕ್ಕೆ ಪಾತ್ರರಾದ ನುಗ್ಗಲಿ ಅವರು ರಾಜ್ಯಾಧ್ಯಕ್ಷರಾಗಿ ಆಯ್ಕೆಯಾಗಿದ್ದು ಶಿಕ್ಷಕ ಸಮೂಹಕ್ಕೆ ಸಂತಸ ತಂದಿದೆ. ವಿದ್ಯುತ್ ಉಚಿತ: ಸರ್ಕಾರಿ ಶಾಲೆಗಳಿಗೆ ಉಚಿತ ವಿದ್ಯುತ್ ಸೌಲಭ್ಯ ಒದಗಿಸಬೇಕೆಂಬ ಬೇಡಿಕೆ ಈಡೇರಲು ಇವರ ಪ್ರಯತ್ನವೂ ಕಾರಣ. ಹಲವಾರು ಶಾಲೆಗಳಿಗೆ ಸ್ಮಾರ್ಟ್ ಕ್ಲಾಸ್, ಕಂಪ್ಯೂಟರ್ ಸೌಲಭ್ಯ ಒದಗಿಸಲು ಶ್ರಮಿಸಿದರು. ಇಂದು ಜುಲೈ 27 ರಂದು ಆಲಮಟ್ಟಿಯಲ್ಲಿ ನಡೆಯಲಿರುವ ಅಭಿನಂದನಾ ಸಮಾರಂಭದಲ್ಲಿ ಸಚಿವರು, ಶಾಸಕರು, ಗಣ್ಯರು ಪಾಲ್ಗೊಂಡು ಸನ್ಮಾನಿಸಲಿದ್ದಾರೆ. ಅವರ ಮುಂದಿನ ಹಾದಿ ಸುಗಮವಾಗಲಿ.

----	-+-	---- +
